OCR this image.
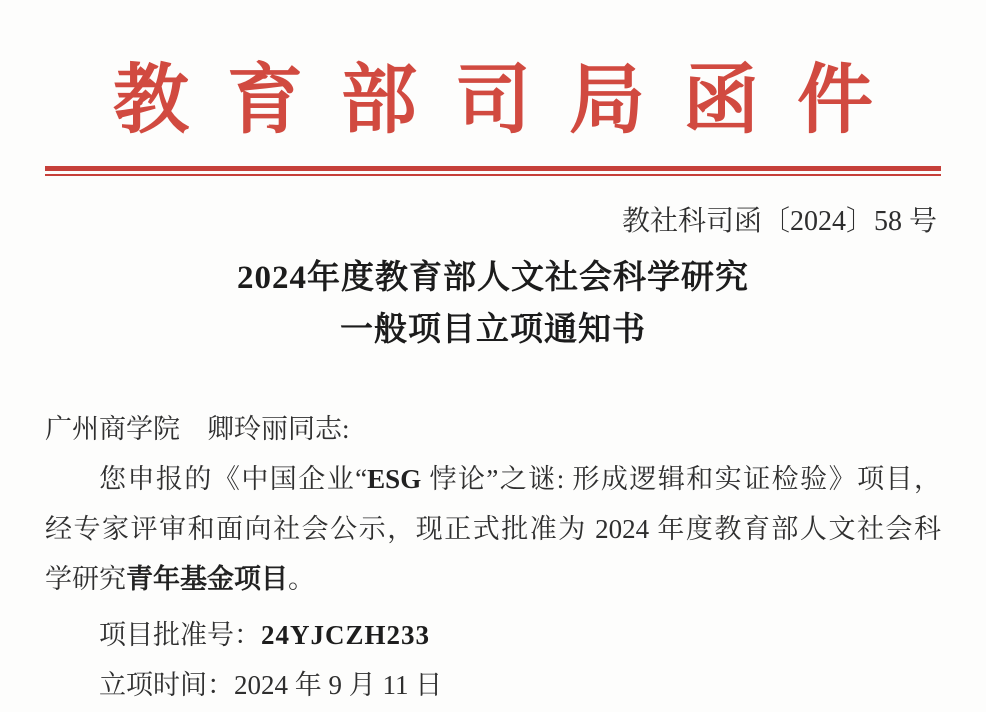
教育部司局函件
教社科司函〔2024〕58 号
2024年度教育部人文社会科学研究
一般项目立项通知书

广州商学院　卿玲丽同志:

您申报的《中国企业“ESG 悖论”之谜: 形成逻辑和实证检验》项目，

经专家评审和面向社会公示，现正式批准为 2024 年度教育部人文社会科

学研究青年基金项目。

项目批准号：24YJCZH233

立项时间：2024 年 9 月 11 日
